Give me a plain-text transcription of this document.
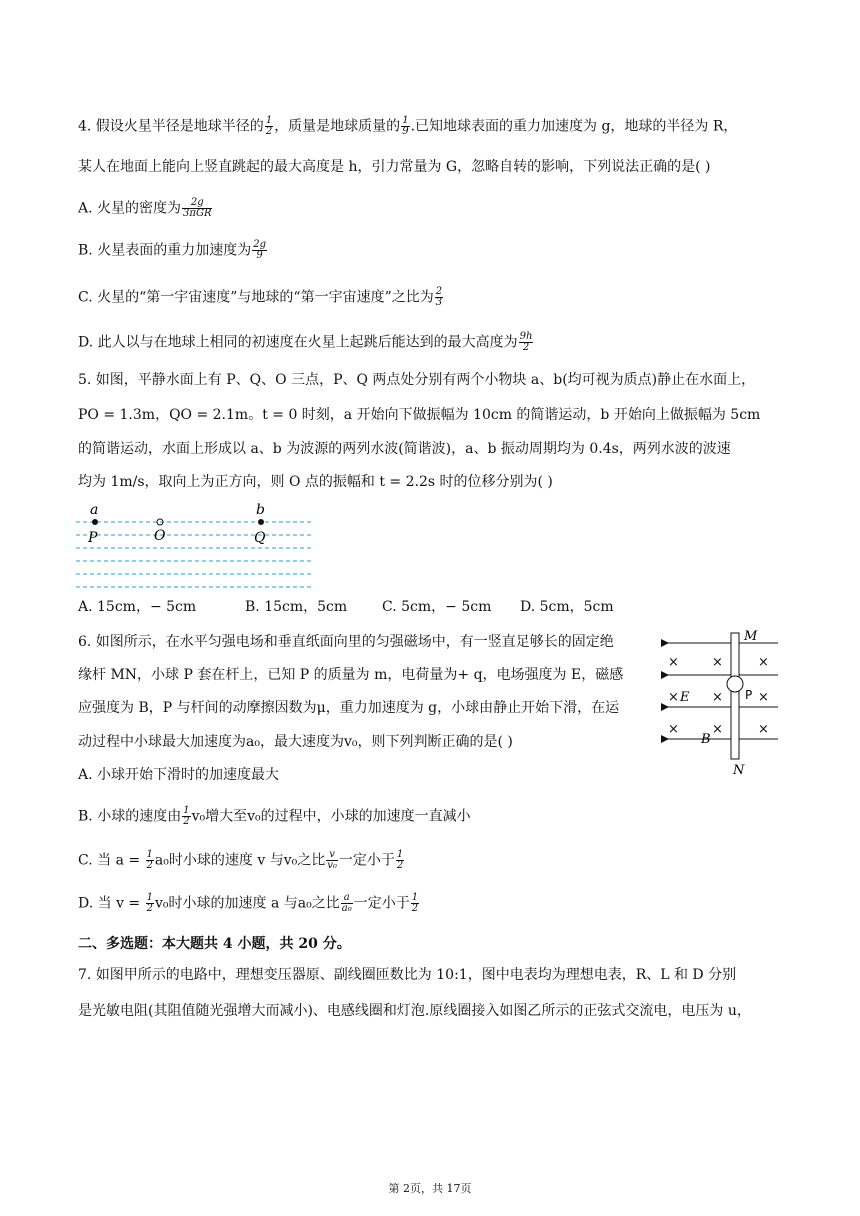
4. 假设火星半径是地球半径的 $\frac{1}{2}$ ，质量是地球质量的 $\frac{1}{9}$ .已知地球表面的重力加速度为 g，地球的半径为 R，
某人在地面上能向上竖直跳起的最大高度是 h，引力常量为 G，忽略自转的影响，下列说法正确的是( )
A. 火星的密度为 $\frac{2g}{\text{3πGR}}$
B. 火星表面的重力加速度为 $\frac{2g}{9}$
C. 火星的“第一宇宙速度”与地球的“第一宇宙速度”之比为 $\frac{2}{3}$
D. 此人以与在地球上相同的初速度在火星上起跳后能达到的最大高度为 $\frac{9h}{2}$
5. 如图，平静水面上有 P、Q、O 三点，P、Q 两点处分别有两个小物块 a、b(均可视为质点)静止在水面上，
PO = 1.3m，QO = 2.1m。t = 0 时刻，a 开始向下做振幅为 10cm 的简谐运动，b 开始向上做振幅为 5cm
的简谐运动，水面上形成以 a、b 为波源的两列水波(简谐波)，a、b 振动周期均为 0.4s，两列水波的波速
均为 1m/s，取向上为正方向，则 O 点的振幅和 t = 2.2s 时的位移分别为( )
a
P	O
b
Q
A. 15cm，− 5cm	B. 15cm，5cm C. 5cm，− 5cm D. 5cm，5cm
6. 如图所示，在水平匀强电场和垂直纸面向里的匀强磁场中，有一竖直足够长的固定绝
缘杆 MN，小球 P 套在杆上，已知 P 的质量为 m，电荷量为+ q，电场强度为 E，磁感
应强度为 B，P 与杆间的动摩擦因数为μ，重力加速度为 g，小球由静止开始下滑，在运
动过程中小球最大加速度为a₀，最大速度为v₀，则下列判断正确的是( )
×	×	×
×	×	×
×	×	×
M
N
P
E
B
A. 小球开始下滑时的加速度最大
B. 小球的速度由 $\frac{1}{2} v_0$增大至v₀的过程中，小球的加速度一直减小
C. 当 $a = \frac{1}{2} a_0$时小球的速度 v 与v₀之比 $\frac{v}{\text{v₀}}$ 一定小于 $\frac{1}{2}$
D. 当 $v = \frac{1}{2} v_0$时小球的加速度 a 与a₀之比 $\frac{a}{\text{a₀}}$ 一定小于 $\frac{1}{2}$
二、多选题：本大题共 4 小题，共 20 分。
7. 如图甲所示的电路中，理想变压器原、副线圈匝数比为 10:1，图中电表均为理想电表，R、L 和 D 分别
是光敏电阻(其阻值随光强增大而减小)、电感线圈和灯泡.原线圈接入如图乙所示的正弦式交流电，电压为 u，
第 2页，共 17页
